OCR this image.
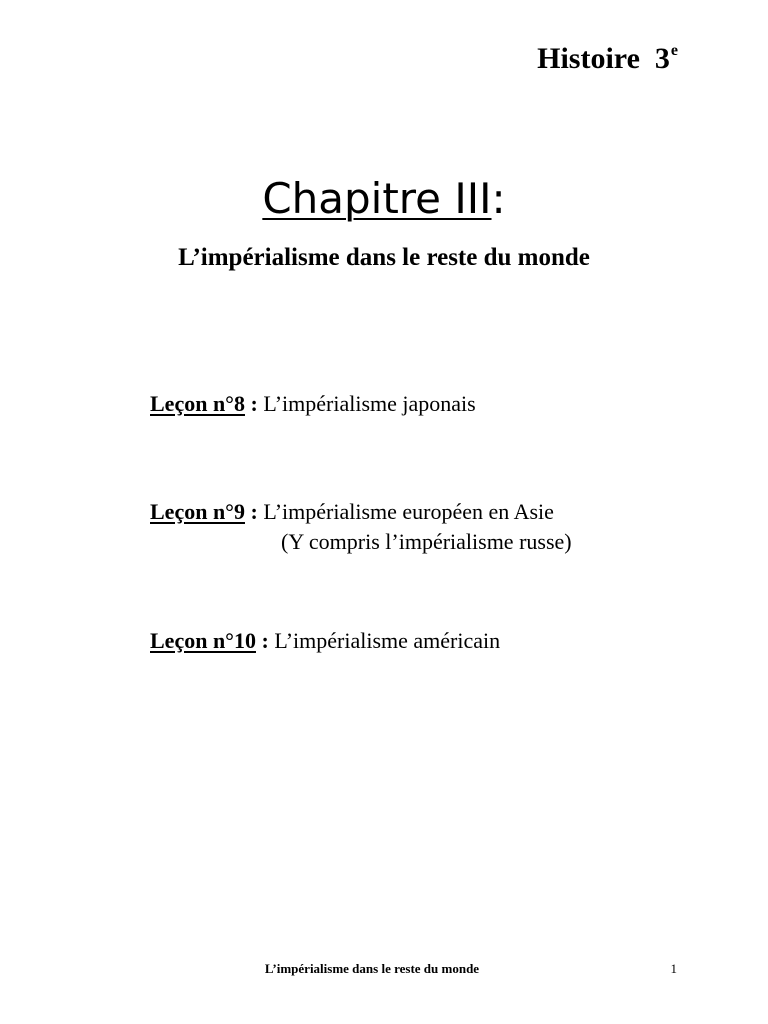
Histoire  3e
Chapitre III:
L’impérialisme dans le reste du monde
Leçon n°8 : L’impérialisme japonais
Leçon n°9 : L’impérialisme européen en Asie
(Y compris l’impérialisme russe)
Leçon n°10 : L’impérialisme américain
L’impérialisme dans le reste du monde	1
